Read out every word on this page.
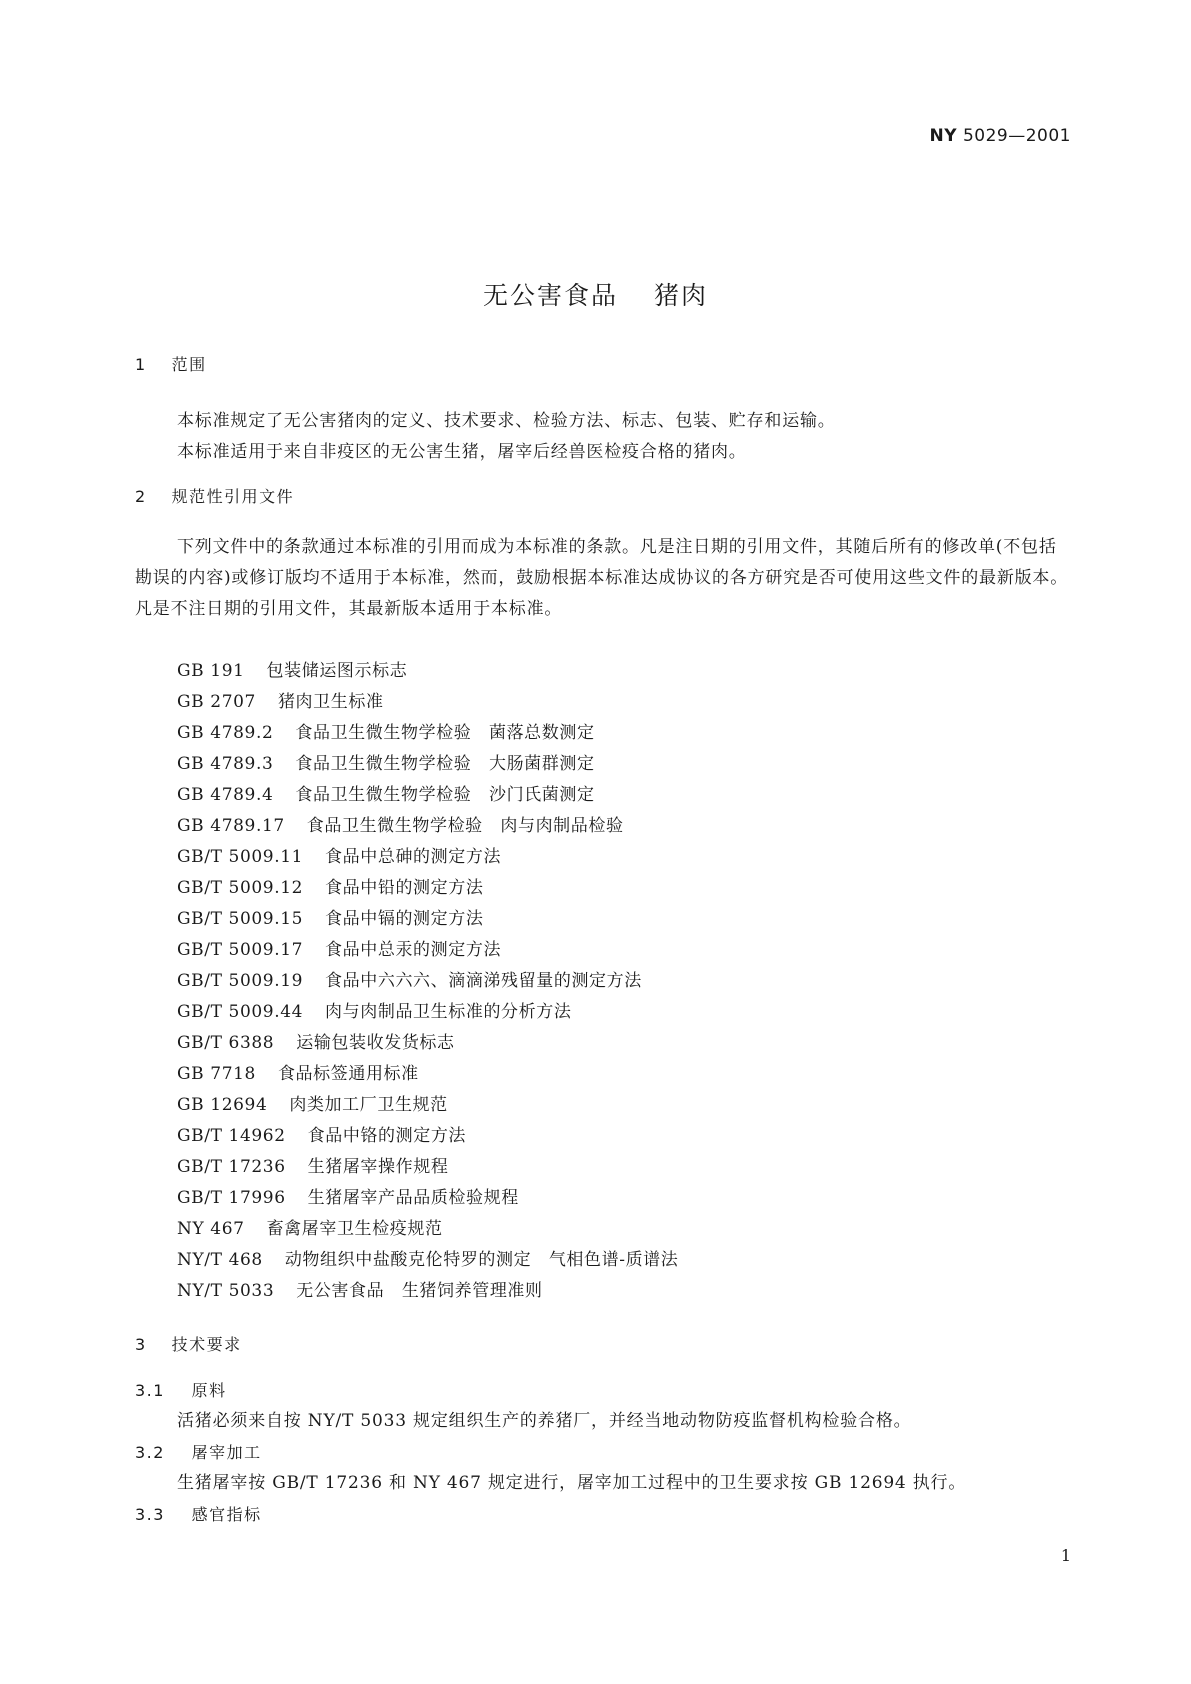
NY 5029—2001
无公害食品 猪肉
1 范围
本标准规定了无公害猪肉的定义、技术要求、检验方法、标志、包装、贮存和运输。
本标准适用于来自非疫区的无公害生猪，屠宰后经兽医检疫合格的猪肉。
2 规范性引用文件
下列文件中的条款通过本标准的引用而成为本标准的条款。凡是注日期的引用文件，其随后所有的修改单(不包括勘误的内容)或修订版均不适用于本标准，然而，鼓励根据本标准达成协议的各方研究是否可使用这些文件的最新版本。凡是不注日期的引用文件，其最新版本适用于本标准。
GB 191 包装储运图示标志
GB 2707 猪肉卫生标准
GB 4789.2 食品卫生微生物学检验　菌落总数测定
GB 4789.3 食品卫生微生物学检验　大肠菌群测定
GB 4789.4 食品卫生微生物学检验　沙门氏菌测定
GB 4789.17 食品卫生微生物学检验　肉与肉制品检验
GB/T 5009.11 食品中总砷的测定方法
GB/T 5009.12 食品中铅的测定方法
GB/T 5009.15 食品中镉的测定方法
GB/T 5009.17 食品中总汞的测定方法
GB/T 5009.19 食品中六六六、滴滴涕残留量的测定方法
GB/T 5009.44 肉与肉制品卫生标准的分析方法
GB/T 6388 运输包装收发货标志
GB 7718 食品标签通用标准
GB 12694 肉类加工厂卫生规范
GB/T 14962 食品中铬的测定方法
GB/T 17236 生猪屠宰操作规程
GB/T 17996 生猪屠宰产品品质检验规程
NY 467 畜禽屠宰卫生检疫规范
NY/T 468 动物组织中盐酸克伦特罗的测定　气相色谱-质谱法
NY/T 5033 无公害食品　生猪饲养管理准则
3 技术要求
3.1 原料
活猪必须来自按 NY/T 5033 规定组织生产的养猪厂，并经当地动物防疫监督机构检验合格。
3.2 屠宰加工
生猪屠宰按 GB/T 17236 和 NY 467 规定进行，屠宰加工过程中的卫生要求按 GB 12694 执行。
3.3 感官指标
1
